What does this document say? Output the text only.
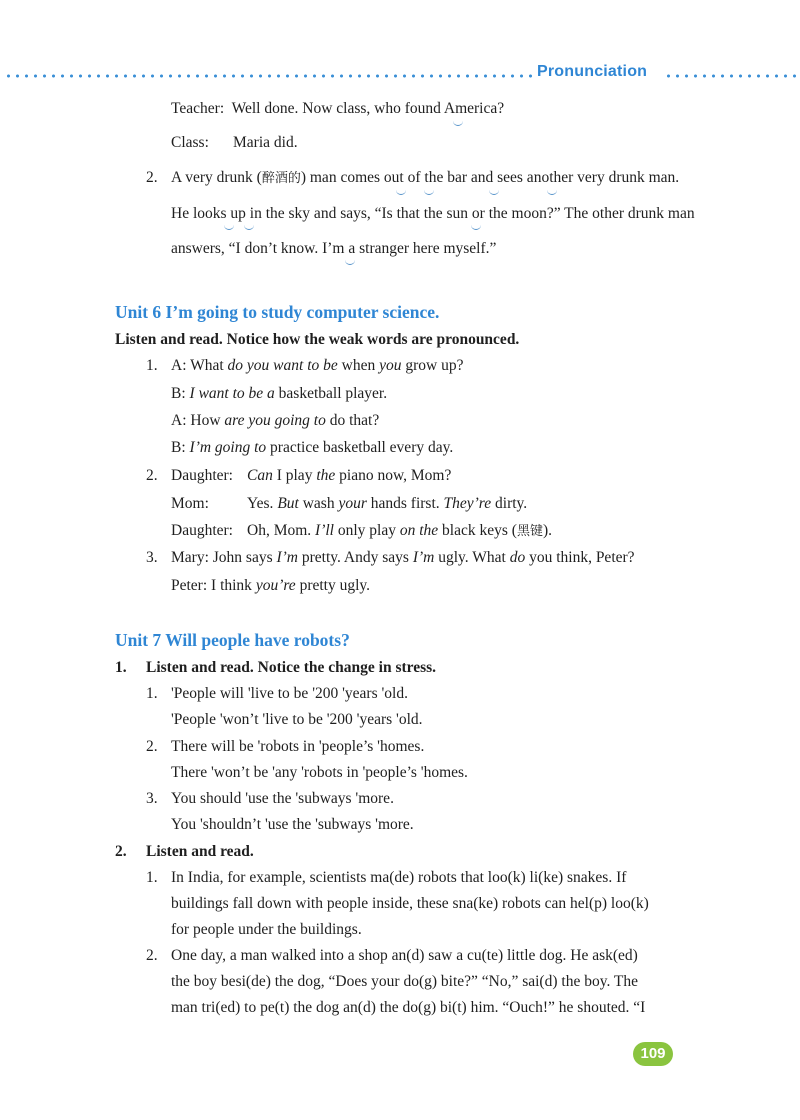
Pronunciation
Teacher: Well done. Now class, who found America?
Class: Maria did.
2. A very drunk (醉酒的) man comes out of the bar and sees another very drunk man.
He looks up in the sky and says, “Is that the sun or the moon?” The other drunk man
answers, “I don’t know. I’m a stranger here myself.”
Unit 6 I’m going to study computer science.
Listen and read. Notice how the weak words are pronounced.
1. A: What do you want to be when you grow up?
B: I want to be a basketball player.
A: How are you going to do that?
B: I’m going to practice basketball every day.
2. Daughter: Can I play the piano now, Mom?
Mom: Yes. But wash your hands first. They’re dirty.
Daughter: Oh, Mom. I’ll only play on the black keys (黑键).
3. Mary: John says I’m pretty. Andy says I’m ugly. What do you think, Peter?
Peter: I think you’re pretty ugly.
Unit 7 Will people have robots?
1. Listen and read. Notice the change in stress.
1. 'People will 'live to be '200 'years 'old.
'People 'won’t 'live to be '200 'years 'old.
2. There will be 'robots in 'people’s 'homes.
There 'won’t be 'any 'robots in 'people’s 'homes.
3. You should 'use the 'subways 'more.
You 'shouldn’t 'use the 'subways 'more.
2. Listen and read.
1. In India, for example, scientists ma(de) robots that loo(k) li(ke) snakes. If
buildings fall down with people inside, these sna(ke) robots can hel(p) loo(k)
for people under the buildings.
2. One day, a man walked into a shop an(d) saw a cu(te) little dog. He ask(ed)
the boy besi(de) the dog, “Does your do(g) bite?” “No,” sai(d) the boy. The
man tri(ed) to pe(t) the dog an(d) the do(g) bi(t) him. “Ouch!” he shouted. “I
109
